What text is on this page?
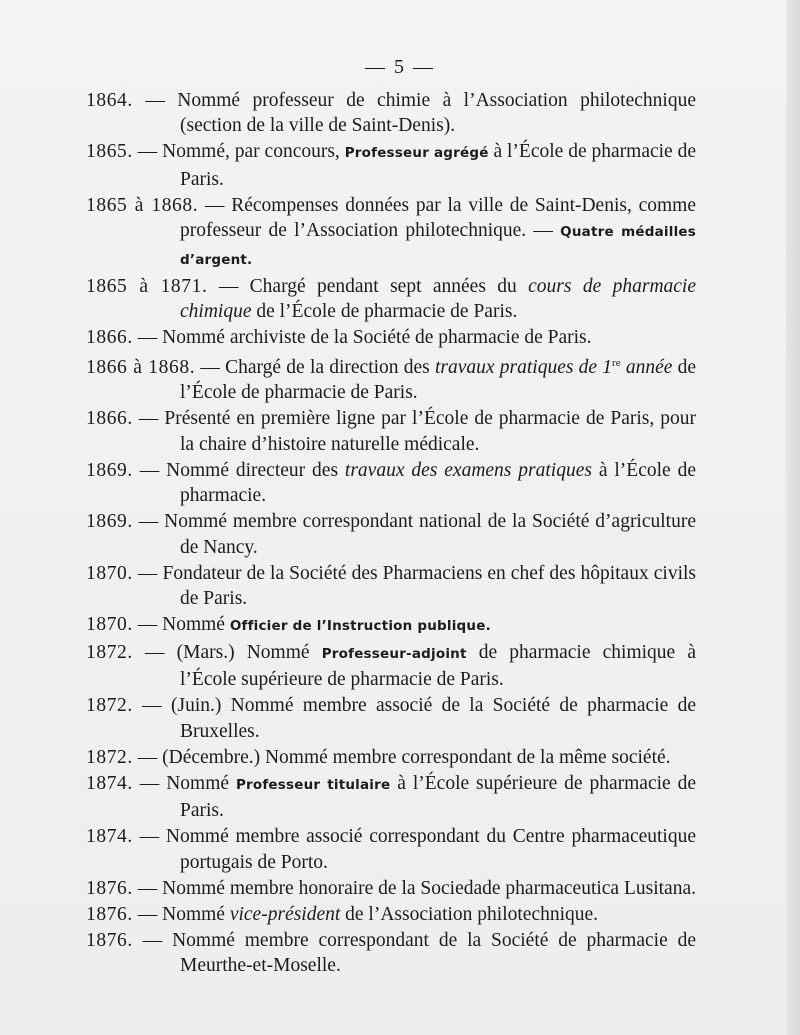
— 5 —

1864. — Nommé professeur de chimie à l’Association philotechnique (section de la ville de Saint-Denis).

1865. — Nommé, par concours, Professeur agrégé à l’École de pharmacie de Paris.

1865 à 1868. — Récompenses données par la ville de Saint-Denis, comme professeur de l’Association philotechnique. — Quatre médailles d’argent.

1865 à 1871. — Chargé pendant sept années du cours de pharmacie chimique de l’École de pharmacie de Paris.

1866. — Nommé archiviste de la Société de pharmacie de Paris.

1866 à 1868. — Chargé de la direction des travaux pratiques de 1re année de l’École de pharmacie de Paris.

1866. — Présenté en première ligne par l’École de pharmacie de Paris, pour la chaire d’histoire naturelle médicale.

1869. — Nommé directeur des travaux des examens pratiques à l’École de pharmacie.

1869. — Nommé membre correspondant national de la Société d’agriculture de Nancy.

1870. — Fondateur de la Société des Pharmaciens en chef des hôpitaux civils de Paris.

1870. — Nommé Officier de l’Instruction publique.

1872. — (Mars.) Nommé Professeur-adjoint de pharmacie chimique à l’École supérieure de pharmacie de Paris.

1872. — (Juin.) Nommé membre associé de la Société de pharmacie de Bruxelles.

1872. — (Décembre.) Nommé membre correspondant de la même société.

1874. — Nommé Professeur titulaire à l’École supérieure de pharmacie de Paris.

1874. — Nommé membre associé correspondant du Centre pharmaceutique portugais de Porto.

1876. — Nommé membre honoraire de la Sociedade pharmaceutica Lusitana.

1876. — Nommé vice-président de l’Association philotechnique.

1876. — Nommé membre correspondant de la Société de pharmacie de Meurthe-et-Moselle.
